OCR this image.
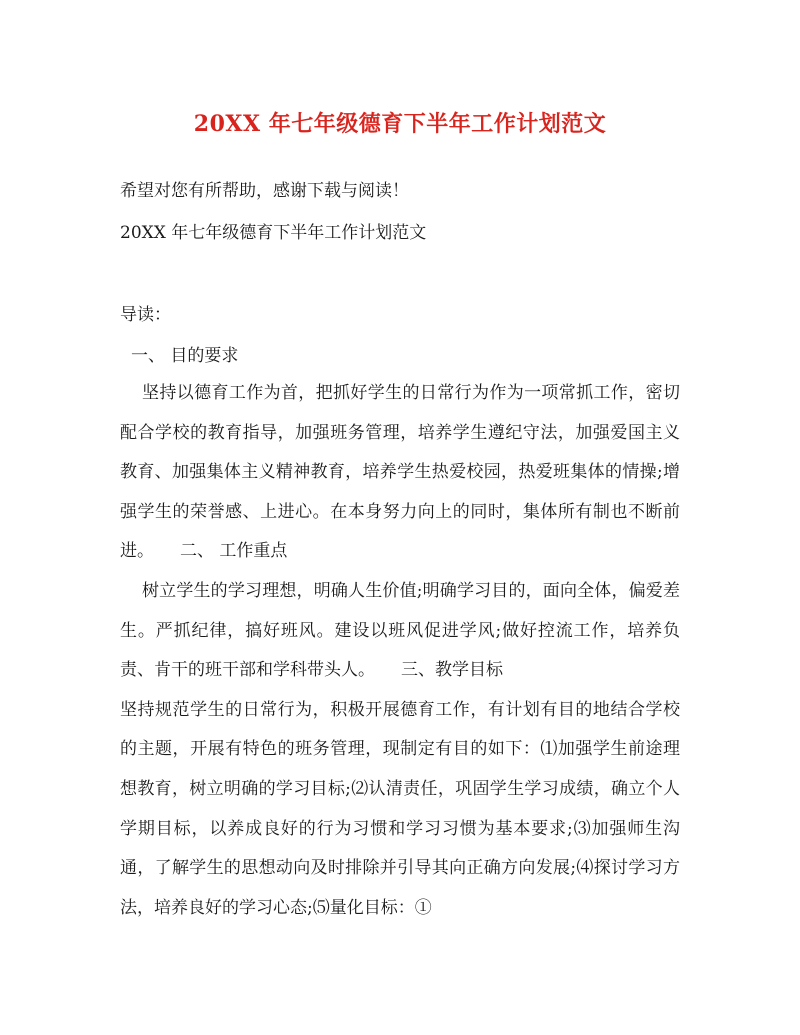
20XX 年七年级德育下半年工作计划范文
希望对您有所帮助，感谢下载与阅读！
20XX 年七年级德育下半年工作计划范文
导读：
一、 目的要求
坚持以德育工作为首，把抓好学生的日常行为作为一项常抓工作，密切配合学校的教育指导，加强班务管理，培养学生遵纪守法，加强爱国主义教育、加强集体主义精神教育，培养学生热爱校园，热爱班集体的情操;增强学生的荣誉感、上进心。在本身努力向上的同时，集体所有制也不断前进。 二、 工作重点
树立学生的学习理想，明确人生价值;明确学习目的，面向全体，偏爱差生。严抓纪律，搞好班风。建设以班风促进学风;做好控流工作，培养负责、肯干的班干部和学科带头人。 三、教学目标
坚持规范学生的日常行为，积极开展德育工作，有计划有目的地结合学校的主题，开展有特色的班务管理，现制定有目的如下：⑴加强学生前途理想教育，树立明确的学习目标;⑵认清责任，巩固学生学习成绩，确立个人学期目标，以养成良好的行为习惯和学习习惯为基本要求;⑶加强师生沟通，了解学生的思想动向及时排除并引导其向正确方向发展;⑷探讨学习方法，培养良好的学习心态;⑸量化目标：①
